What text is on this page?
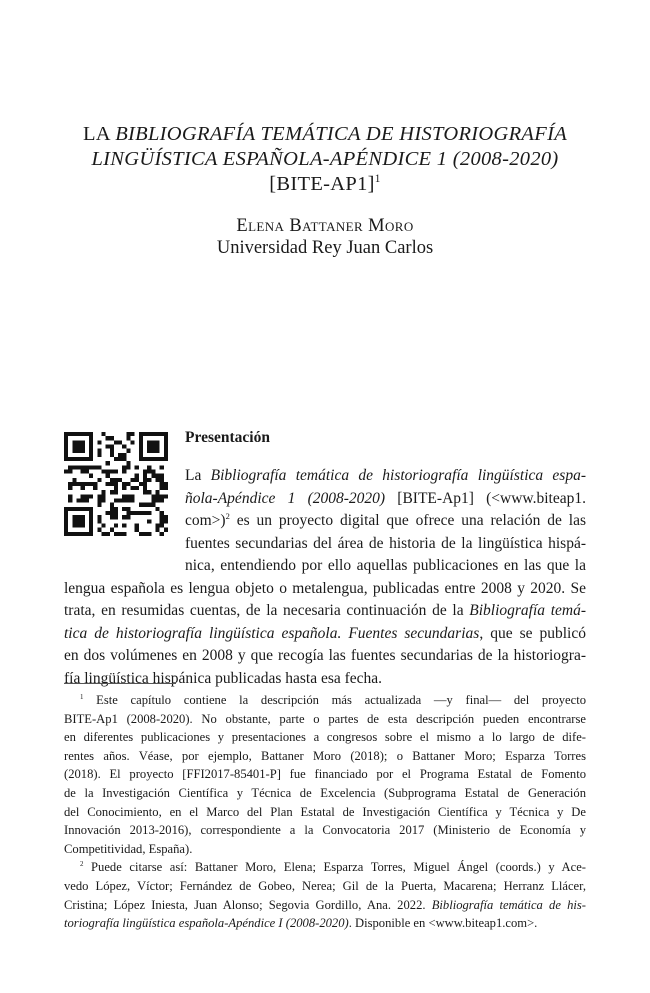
LA BIBLIOGRAFÍA TEMÁTICA DE HISTORIOGRAFÍA
LINGÜÍSTICA ESPAÑOLA-APÉNDICE 1 (2008-2020)
[BITE-AP1]$^1$
Elena Battaner Moro
Universidad Rey Juan Carlos
Presentación
La Bibliografía temática de historiografía lingüística espa-
ñola-Apéndice 1 (2008-2020) [BITE-Ap1] (<www.biteap1.
com>)$^2$ es un proyecto digital que ofrece una relación de las
fuentes secundarias del área de historia de la lingüística hispá-
nica, entendiendo por ello aquellas publicaciones en las que la
lengua española es lengua objeto o metalengua, publicadas entre 2008 y 2020. Se
trata, en resumidas cuentas, de la necesaria continuación de la Bibliografía temá-
tica de historiografía lingüística española. Fuentes secundarias, que se publicó
en dos volúmenes en 2008 y que recogía las fuentes secundarias de la historiogra-
fía lingüística hispánica publicadas hasta esa fecha.
$^1$ Este capítulo contiene la descripción más actualizada —y final— del proyecto
BITE-Ap1 (2008-2020). No obstante, parte o partes de esta descripción pueden encontrarse
en diferentes publicaciones y presentaciones a congresos sobre el mismo a lo largo de dife-
rentes años. Véase, por ejemplo, Battaner Moro (2018); o Battaner Moro; Esparza Torres
(2018). El proyecto [FFI2017-85401-P] fue financiado por el Programa Estatal de Fomento
de la Investigación Científica y Técnica de Excelencia (Subprograma Estatal de Generación
del Conocimiento, en el Marco del Plan Estatal de Investigación Científica y Técnica y De
Innovación 2013-2016), correspondiente a la Convocatoria 2017 (Ministerio de Economía y
Competitividad, España).
$^2$ Puede citarse así: Battaner Moro, Elena; Esparza Torres, Miguel Ángel (coords.) y Ace-
vedo López, Víctor; Fernández de Gobeo, Nerea; Gil de la Puerta, Macarena; Herranz Llácer,
Cristina; López Iniesta, Juan Alonso; Segovia Gordillo, Ana. 2022. Bibliografía temática de his-
toriografía lingüística española-Apéndice I (2008-2020). Disponible en <www.biteap1.com>.
